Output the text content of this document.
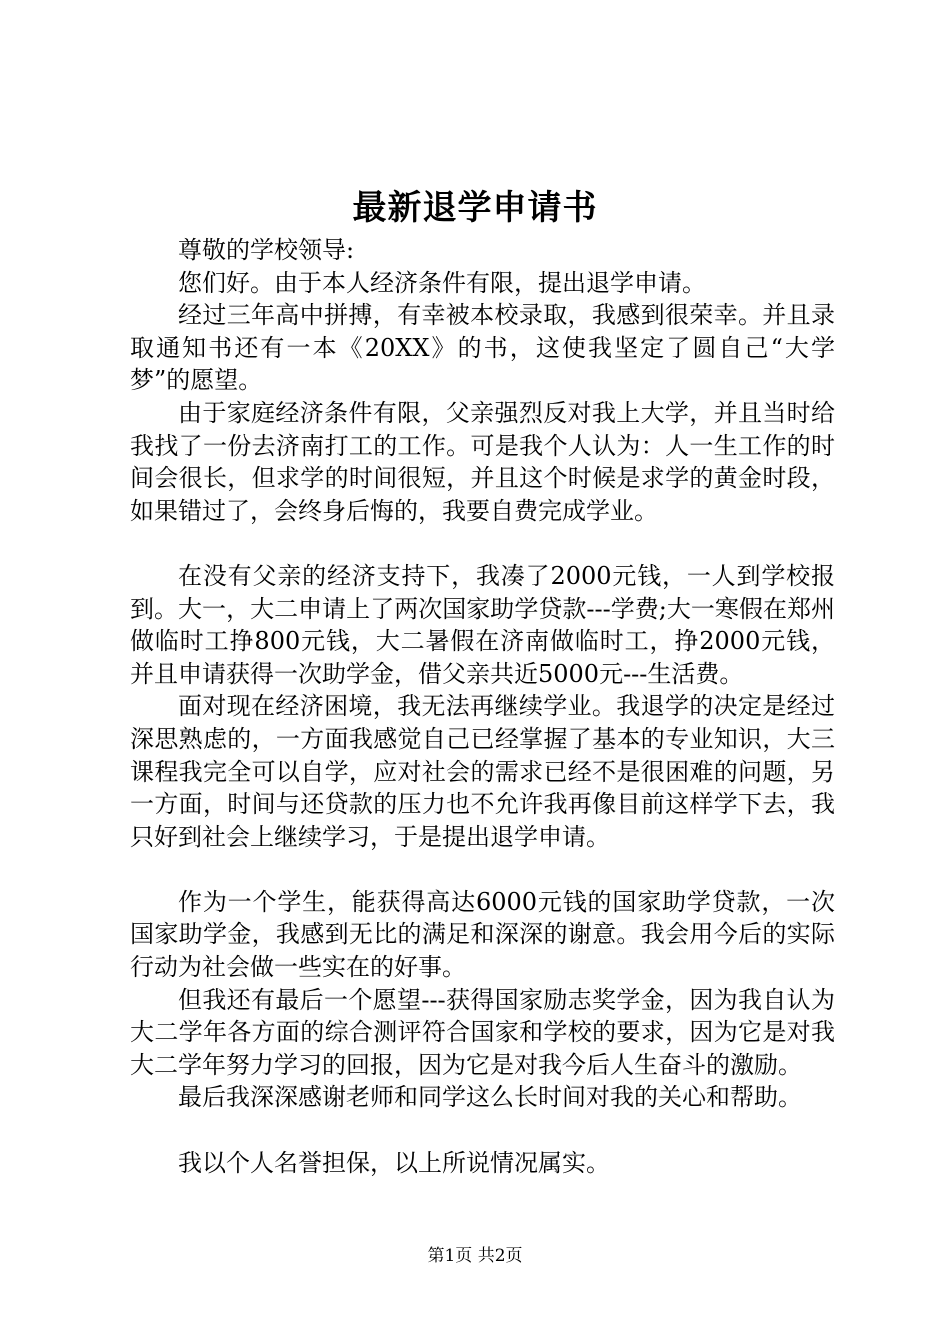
最新退学申请书

尊敬的学校领导:

您们好。由于本人经济条件有限，提出退学申请。

经过三年高中拼搏，有幸被本校录取，我感到很荣幸。并且录取通知书还有一本《20XX》的书，这使我坚定了圆自己“大学梦”的愿望。

由于家庭经济条件有限，父亲强烈反对我上大学，并且当时给我找了一份去济南打工的工作。可是我个人认为：人一生工作的时间会很长，但求学的时间很短，并且这个时候是求学的黄金时段，如果错过了，会终身后悔的，我要自费完成学业。

在没有父亲的经济支持下，我凑了2000元钱，一人到学校报到。大一，大二申请上了两次国家助学贷款---学费;大一寒假在郑州做临时工挣800元钱，大二暑假在济南做临时工，挣2000元钱，并且申请获得一次助学金，借父亲共近5000元---生活费。

面对现在经济困境，我无法再继续学业。我退学的决定是经过深思熟虑的，一方面我感觉自己已经掌握了基本的专业知识，大三课程我完全可以自学，应对社会的需求已经不是很困难的问题，另一方面，时间与还贷款的压力也不允许我再像目前这样学下去，我只好到社会上继续学习，于是提出退学申请。

作为一个学生，能获得高达6000元钱的国家助学贷款，一次国家助学金，我感到无比的满足和深深的谢意。我会用今后的实际行动为社会做一些实在的好事。

但我还有最后一个愿望---获得国家励志奖学金，因为我自认为大二学年各方面的综合测评符合国家和学校的要求，因为它是对我大二学年努力学习的回报，因为它是对我今后人生奋斗的激励。

最后我深深感谢老师和同学这么长时间对我的关心和帮助。

我以个人名誉担保，以上所说情况属实。

第1页 共2页
